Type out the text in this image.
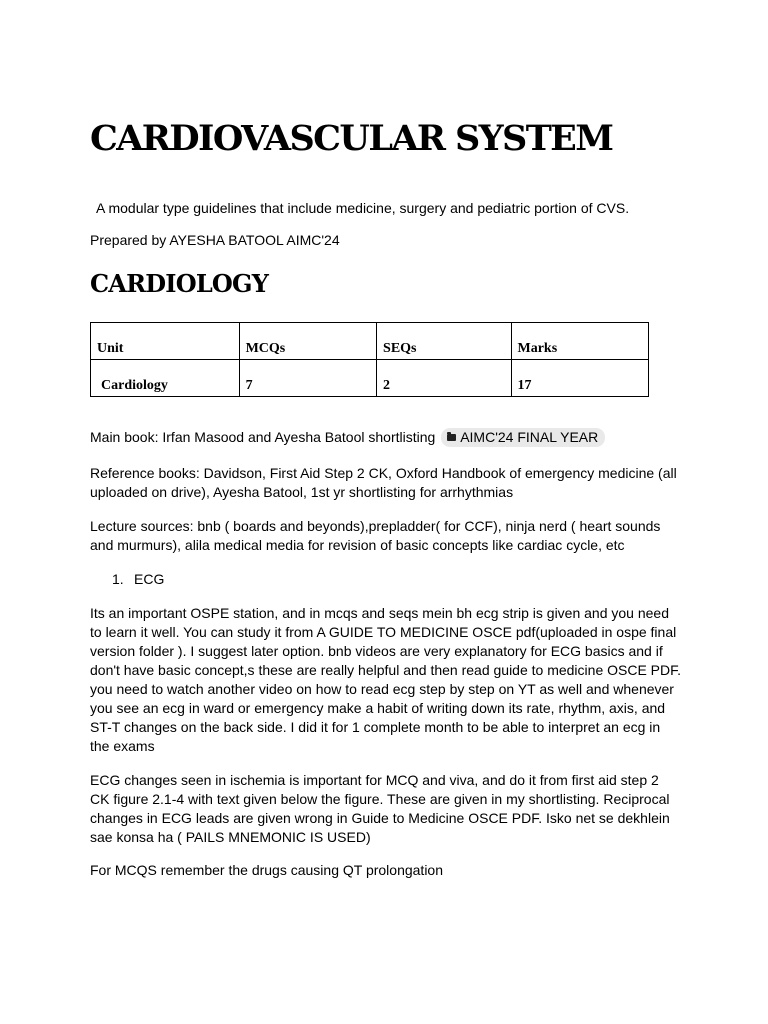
CARDIOVASCULAR SYSTEM

A modular type guidelines that include medicine, surgery and pediatric portion of CVS.

Prepared by AYESHA BATOOL AIMC'24

CARDIOLOGY
Unit	MCQs	SEQs	Marks
Cardiology	7	2	17

Main book: Irfan Masood and Ayesha Batool shortlisting AIMC'24 FINAL YEAR

Reference books: Davidson, First Aid Step 2 CK, Oxford Handbook of emergency medicine (all uploaded on drive), Ayesha Batool, 1st yr shortlisting for arrhythmias

Lecture sources: bnb ( boards and beyonds),prepladder( for CCF), ninja nerd ( heart sounds and murmurs), alila medical media for revision of basic concepts like cardiac cycle, etc

1. ECG

Its an important OSPE station, and in mcqs and seqs mein bh ecg strip is given and you need to learn it well. You can study it from A GUIDE TO MEDICINE OSCE pdf(uploaded in ospe final version folder ). I suggest later option. bnb videos are very explanatory for ECG basics and if don't have basic concept,s these are really helpful and then read guide to medicine OSCE PDF. you need to watch another video on how to read ecg step by step on YT as well and whenever you see an ecg in ward or emergency make a habit of writing down its rate, rhythm, axis, and ST-T changes on the back side. I did it for 1 complete month to be able to interpret an ecg in the exams

ECG changes seen in ischemia is important for MCQ and viva, and do it from first aid step 2 CK figure 2.1-4 with text given below the figure. These are given in my shortlisting. Reciprocal changes in ECG leads are given wrong in Guide to Medicine OSCE PDF. Isko net se dekhlein sae konsa ha ( PAILS MNEMONIC IS USED)

For MCQS remember the drugs causing QT prolongation
